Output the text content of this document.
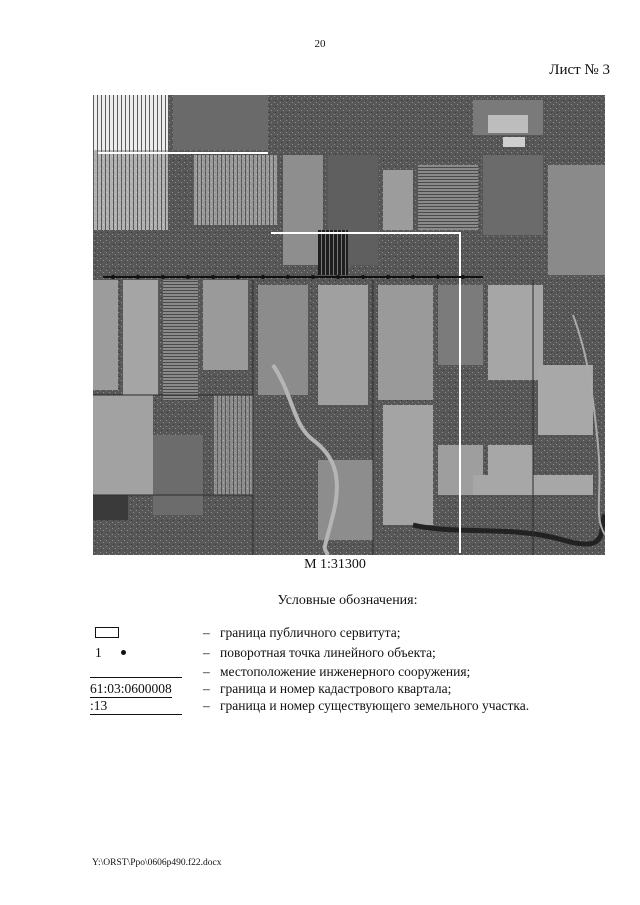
20
Лист № 3
М 1:31300
Условные обозначения:
– граница публичного сервитута;
1	– поворотная точка линейного объекта;
– местоположение инженерного сооружения;
61:03:0600008 – граница и номер кадастрового квартала;
:13	– граница и номер существующего земельного участка.
Y:\ORST\Ppo\0606p490.f22.docx
